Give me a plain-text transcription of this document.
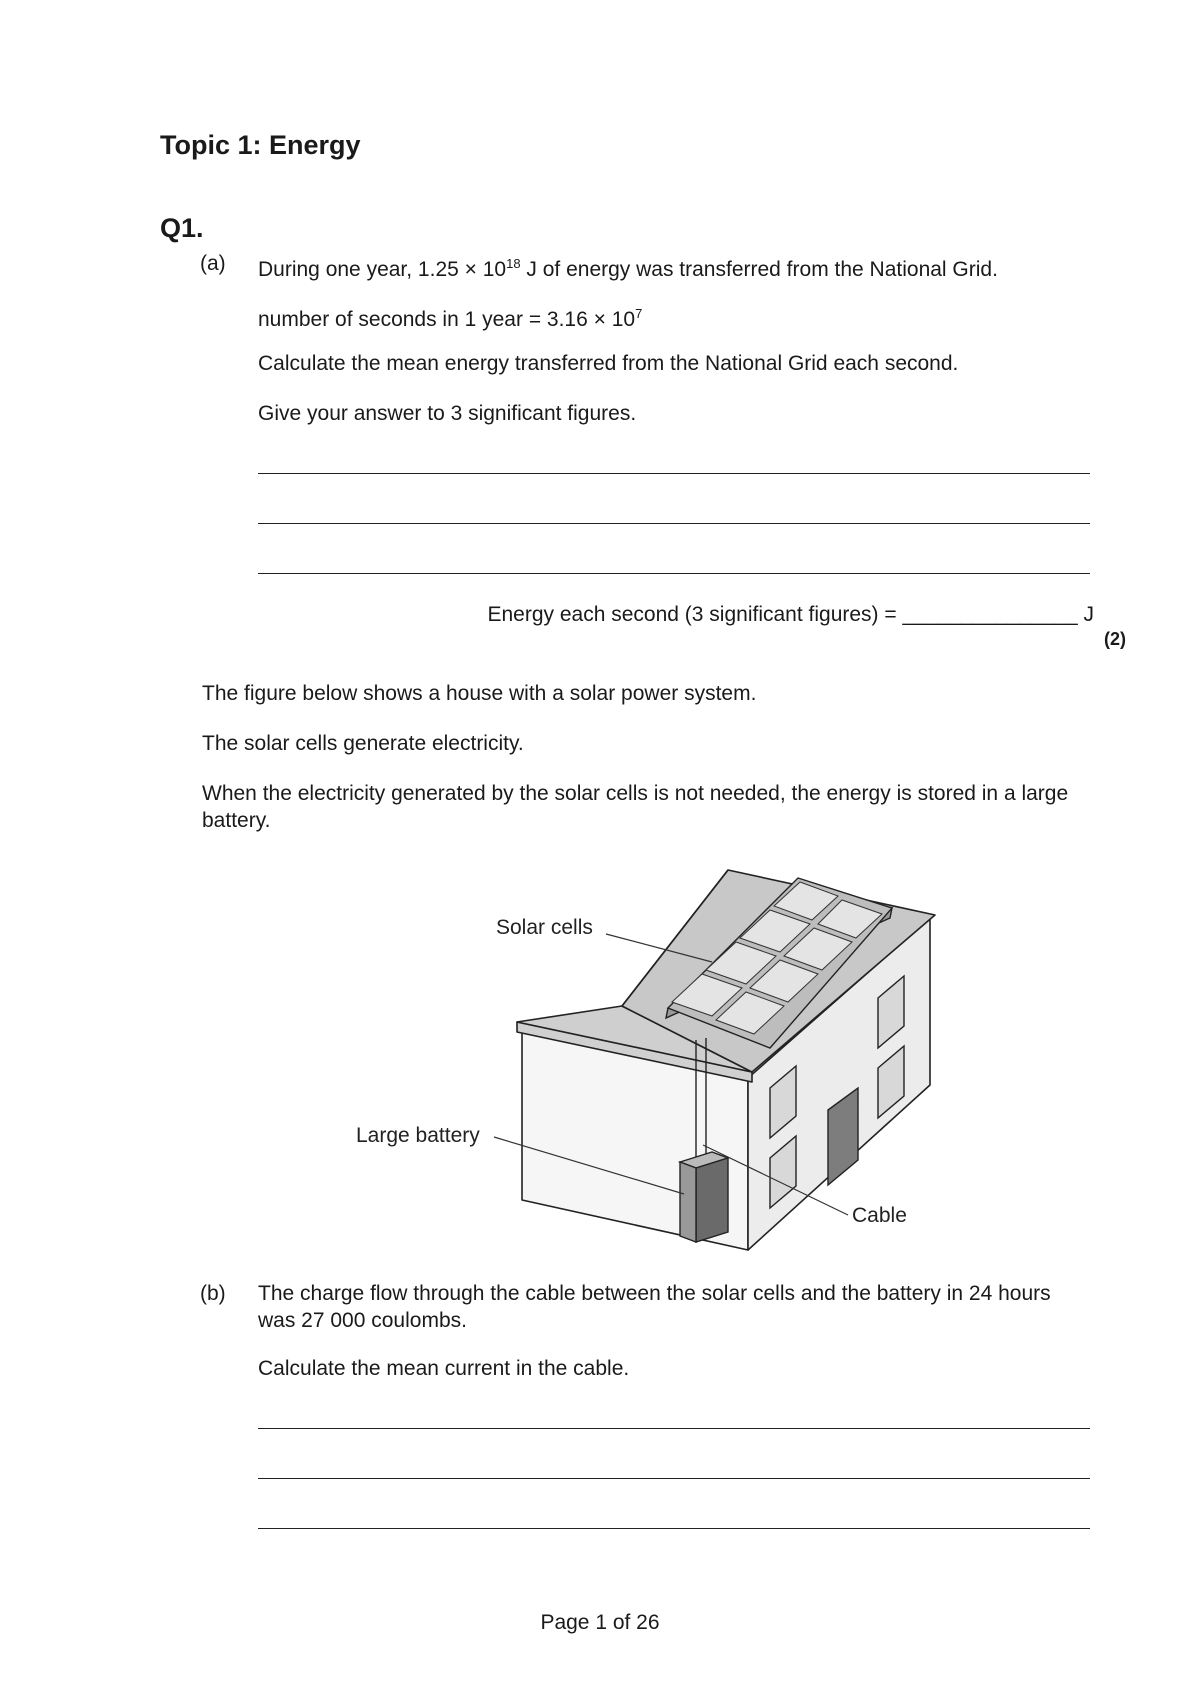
Topic 1: Energy
Q1.
(a) During one year, $1.25 \times 10^{18}$ J of energy was transferred from the National Grid.
number of seconds in 1 year = $3.16 \times 10^7$
Calculate the mean energy transferred from the National Grid each second.
Give your answer to 3 significant figures.
Energy each second (3 significant figures) = _______________ J
(2)
The figure below shows a house with a solar power system.
The solar cells generate electricity.
When the electricity generated by the solar cells is not needed, the energy is stored in a large battery.
Solar cells
Large battery
Cable
(b) The charge flow through the cable between the solar cells and the battery in 24 hours was 27 000 coulombs.
Calculate the mean current in the cable.
Page 1 of 26
